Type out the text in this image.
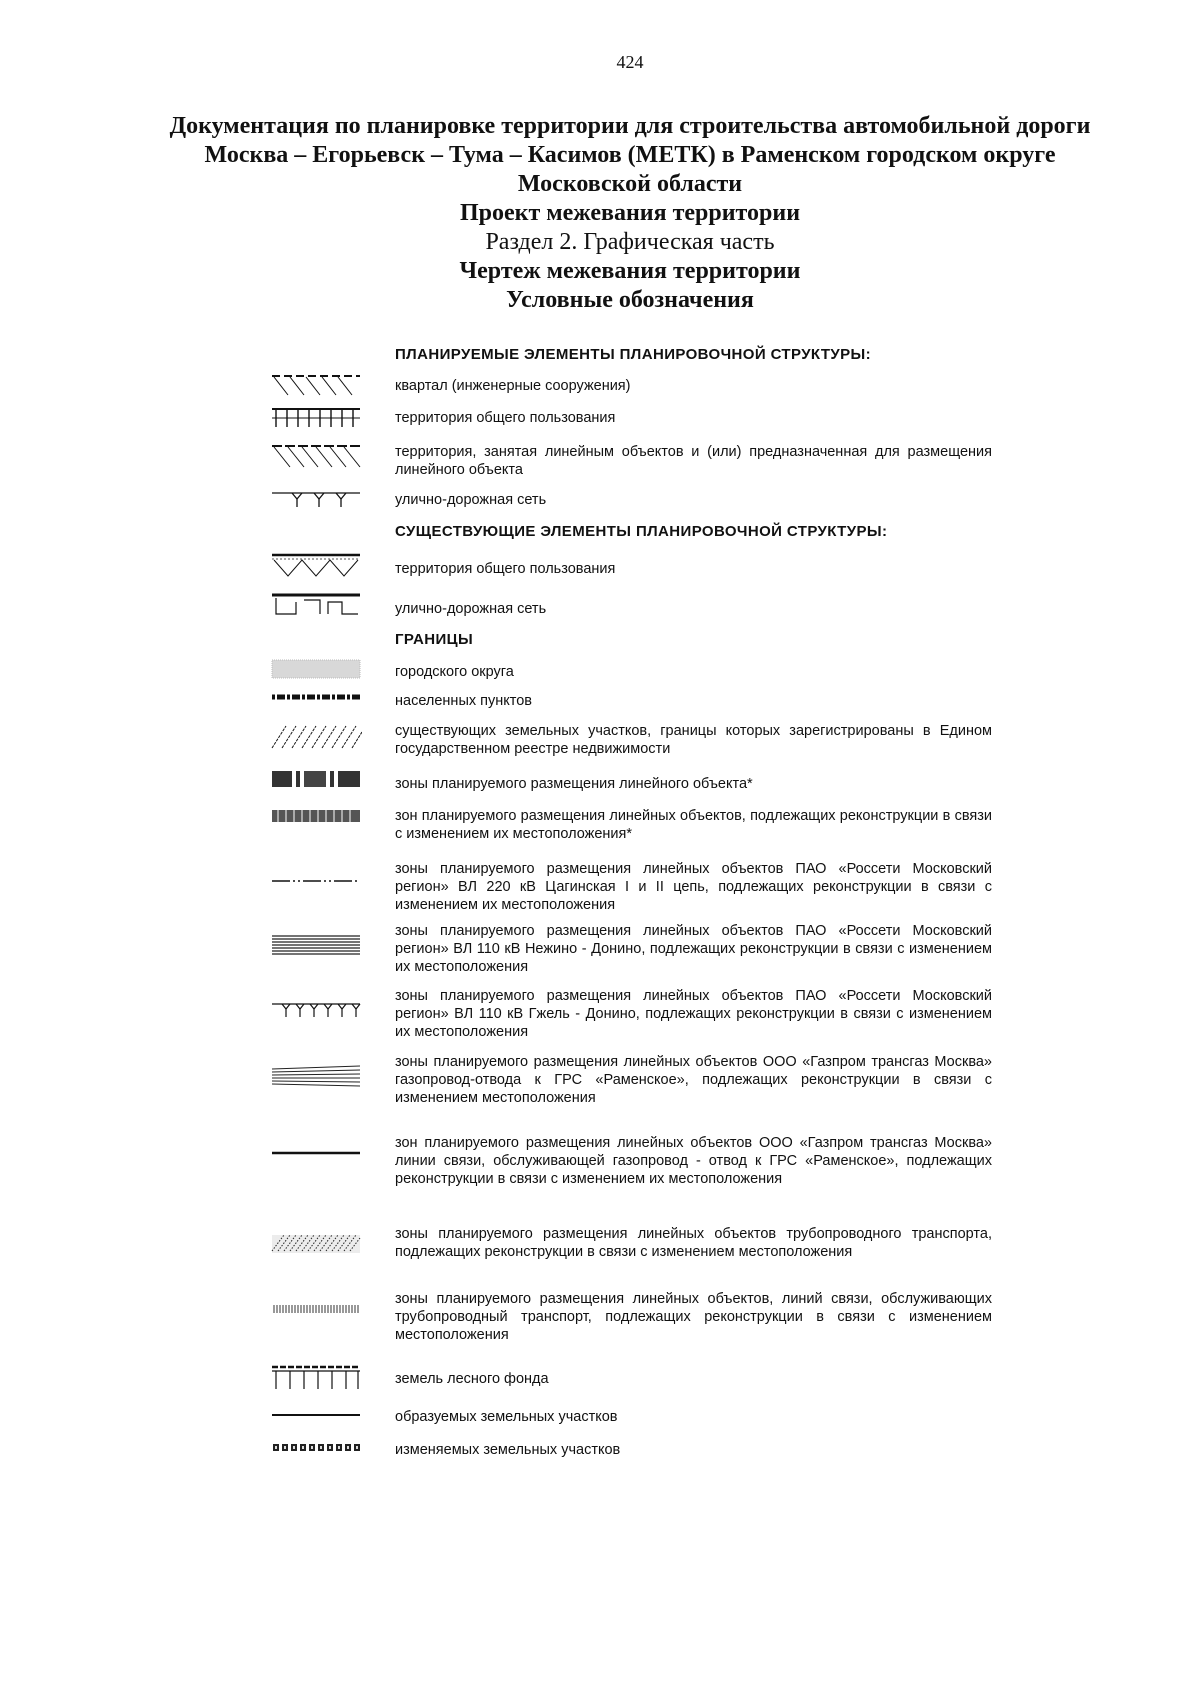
424
Документация по планировке территории для строительства автомобильной дороги
Москва – Егорьевск – Тума – Касимов (МЕТК) в Раменском городском округе
Московской области
Проект межевания территории
Раздел 2. Графическая часть
Чертеж межевания территории
Условные обозначения
ПЛАНИРУЕМЫЕ ЭЛЕМЕНТЫ ПЛАНИРОВОЧНОЙ СТРУКТУРЫ:
СУЩЕСТВУЮЩИЕ ЭЛЕМЕНТЫ ПЛАНИРОВОЧНОЙ СТРУКТУРЫ:
ГРАНИЦЫ
квартал (инженерные сооружения)
территория общего пользования
территория, занятая линейным объектов и (или) предназначенная для размещения линейного объекта
улично-дорожная сеть
территория общего пользования
улично-дорожная сеть
городского округа
населенных пунктов
существующих земельных участков, границы которых зарегистрированы в Едином государственном реестре недвижимости
зоны планируемого размещения линейного объекта*
зон планируемого размещения линейных объектов, подлежащих реконструкции в связи с изменением их местоположения*
зоны планируемого размещения линейных объектов ПАО «Россети Московский регион» ВЛ 220 кВ Цагинская I и II цепь, подлежащих реконструкции в связи с изменением их местоположения
зоны планируемого размещения линейных объектов ПАО «Россети Московский регион» ВЛ 110 кВ Нежино - Донино, подлежащих реконструкции в связи с изменением их местоположения
зоны планируемого размещения линейных объектов ПАО «Россети Московский регион» ВЛ 110 кВ Гжель - Донино, подлежащих реконструкции в связи с изменением их местоположения
зоны планируемого размещения линейных объектов ООО «Газпром трансгаз Москва» газопровод-отвода к ГРС «Раменское», подлежащих реконструкции в связи с изменением местоположения
зон планируемого размещения линейных объектов ООО «Газпром трансгаз Москва» линии связи, обслуживающей газопровод - отвод к ГРС «Раменское», подлежащих реконструкции в связи с изменением их местоположения
зоны планируемого размещения линейных объектов трубопроводного транспорта, подлежащих реконструкции в связи с изменением местоположения
зоны планируемого размещения линейных объектов, линий связи, обслуживающих трубопроводный транспорт, подлежащих реконструкции в связи с изменением местоположения
земель лесного фонда
образуемых земельных участков
изменяемых земельных участков
